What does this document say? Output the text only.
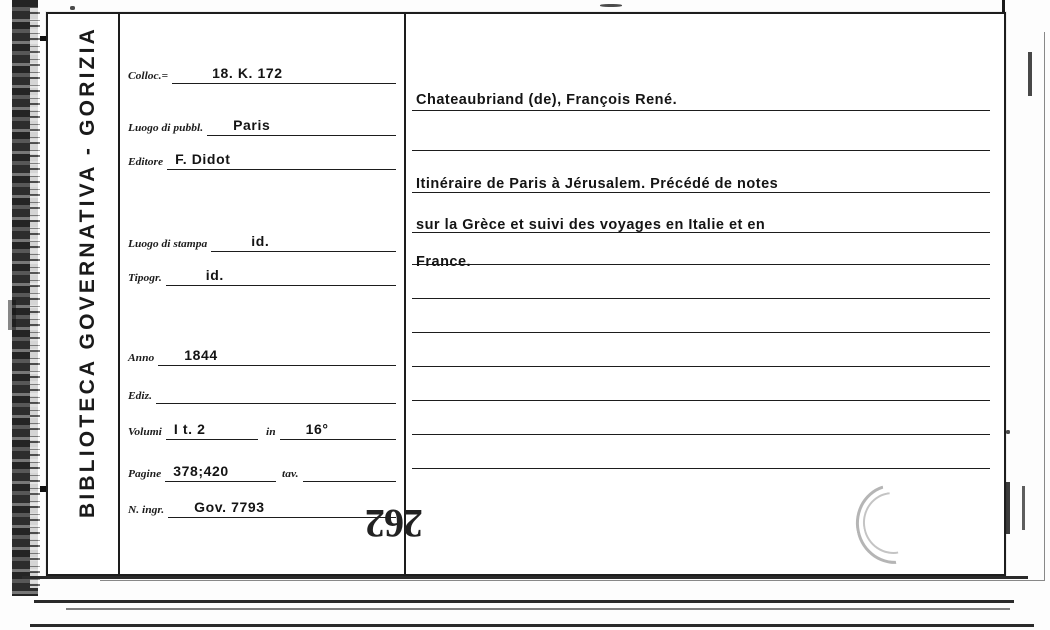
BIBLIOTECA GOVERNATIVA - GORIZIA	Colloc.=	18. K. 172
Luogo di pubbl. Paris
Editore F. Didot
Luogo di stampa	id.
Tipogr.	id.
Anno 1844
Ediz.
Volumi I t. 2	in 16°
Pagine 378;420	tav.
N. ingr. Gov. 7793	262
Chateaubriand (de), François René.
Itinéraire de Paris à Jérusalem. Précédé de notes
sur la Grèce et suivi des voyages en Italie et en
France.
